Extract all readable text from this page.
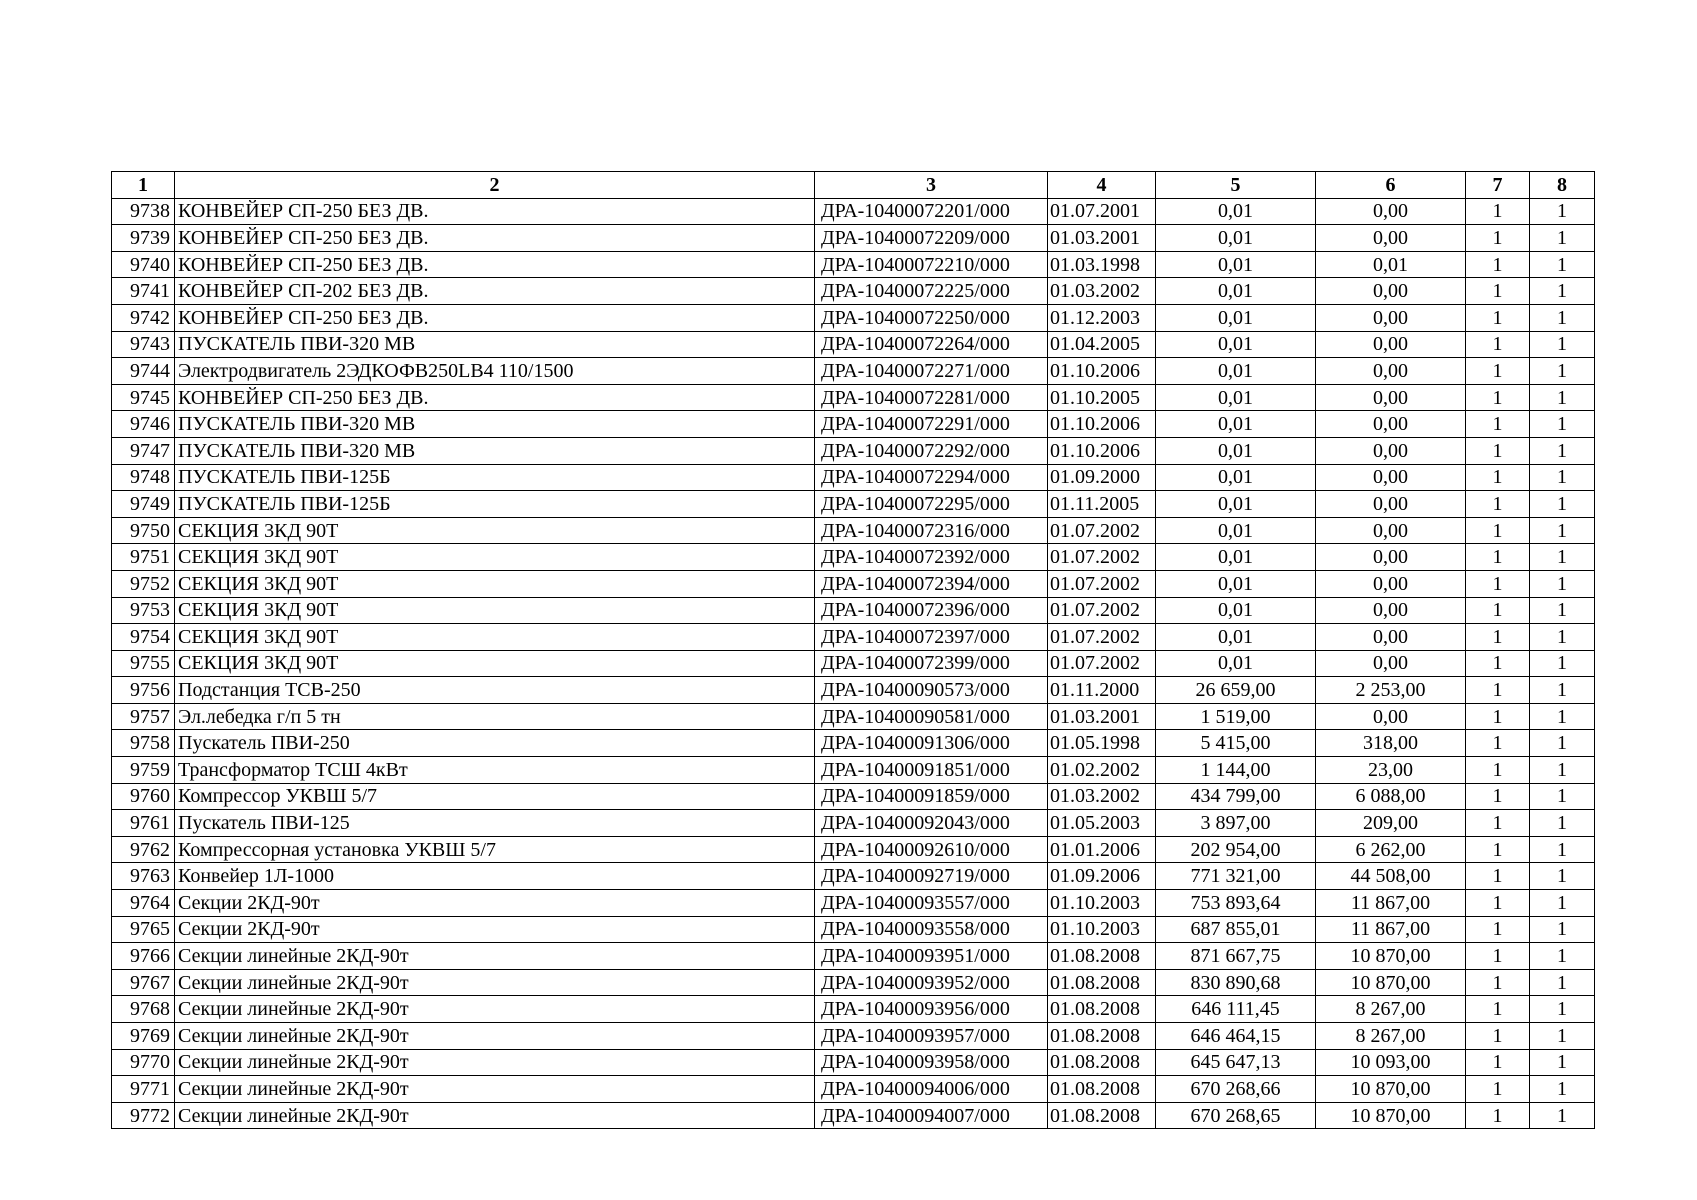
1	2	3	4	5	6	7	8
9738	КОНВЕЙЕР СП-250 БЕЗ ДВ.	ДРА-10400072201/000	01.07.2001	0,01	0,00	1	1
9739	КОНВЕЙЕР СП-250 БЕЗ ДВ.	ДРА-10400072209/000	01.03.2001	0,01	0,00	1	1
9740	КОНВЕЙЕР СП-250 БЕЗ ДВ.	ДРА-10400072210/000	01.03.1998	0,01	0,01	1	1
9741	КОНВЕЙЕР СП-202 БЕЗ ДВ.	ДРА-10400072225/000	01.03.2002	0,01	0,00	1	1
9742	КОНВЕЙЕР СП-250 БЕЗ ДВ.	ДРА-10400072250/000	01.12.2003	0,01	0,00	1	1
9743	ПУСКАТЕЛЬ ПВИ-320 МВ	ДРА-10400072264/000	01.04.2005	0,01	0,00	1	1
9744	Электродвигатель 2ЭДКОФВ250LB4 110/1500	ДРА-10400072271/000	01.10.2006	0,01	0,00	1	1
9745	КОНВЕЙЕР СП-250 БЕЗ ДВ.	ДРА-10400072281/000	01.10.2005	0,01	0,00	1	1
9746	ПУСКАТЕЛЬ ПВИ-320 МВ	ДРА-10400072291/000	01.10.2006	0,01	0,00	1	1
9747	ПУСКАТЕЛЬ ПВИ-320 МВ	ДРА-10400072292/000	01.10.2006	0,01	0,00	1	1
9748	ПУСКАТЕЛЬ ПВИ-125Б	ДРА-10400072294/000	01.09.2000	0,01	0,00	1	1
9749	ПУСКАТЕЛЬ ПВИ-125Б	ДРА-10400072295/000	01.11.2005	0,01	0,00	1	1
9750	СЕКЦИЯ 3КД 90Т	ДРА-10400072316/000	01.07.2002	0,01	0,00	1	1
9751	СЕКЦИЯ 3КД 90Т	ДРА-10400072392/000	01.07.2002	0,01	0,00	1	1
9752	СЕКЦИЯ 3КД 90Т	ДРА-10400072394/000	01.07.2002	0,01	0,00	1	1
9753	СЕКЦИЯ 3КД 90Т	ДРА-10400072396/000	01.07.2002	0,01	0,00	1	1
9754	СЕКЦИЯ 3КД 90Т	ДРА-10400072397/000	01.07.2002	0,01	0,00	1	1
9755	СЕКЦИЯ 3КД 90Т	ДРА-10400072399/000	01.07.2002	0,01	0,00	1	1
9756	Подстанция ТСВ-250	ДРА-10400090573/000	01.11.2000	26 659,00	2 253,00	1	1
9757	Эл.лебедка г/п 5 тн	ДРА-10400090581/000	01.03.2001	1 519,00	0,00	1	1
9758	Пускатель ПВИ-250	ДРА-10400091306/000	01.05.1998	5 415,00	318,00	1	1
9759	Трансформатор ТСШ 4кВт	ДРА-10400091851/000	01.02.2002	1 144,00	23,00	1	1
9760	Компрессор УКВШ 5/7	ДРА-10400091859/000	01.03.2002	434 799,00	6 088,00	1	1
9761	Пускатель ПВИ-125	ДРА-10400092043/000	01.05.2003	3 897,00	209,00	1	1
9762	Компрессорная установка УКВШ 5/7	ДРА-10400092610/000	01.01.2006	202 954,00	6 262,00	1	1
9763	Конвейер 1Л-1000	ДРА-10400092719/000	01.09.2006	771 321,00	44 508,00	1	1
9764	Секции 2КД-90т	ДРА-10400093557/000	01.10.2003	753 893,64	11 867,00	1	1
9765	Секции 2КД-90т	ДРА-10400093558/000	01.10.2003	687 855,01	11 867,00	1	1
9766	Секции линейные 2КД-90т	ДРА-10400093951/000	01.08.2008	871 667,75	10 870,00	1	1
9767	Секции линейные 2КД-90т	ДРА-10400093952/000	01.08.2008	830 890,68	10 870,00	1	1
9768	Секции линейные 2КД-90т	ДРА-10400093956/000	01.08.2008	646 111,45	8 267,00	1	1
9769	Секции линейные 2КД-90т	ДРА-10400093957/000	01.08.2008	646 464,15	8 267,00	1	1
9770	Секции линейные 2КД-90т	ДРА-10400093958/000	01.08.2008	645 647,13	10 093,00	1	1
9771	Секции линейные 2КД-90т	ДРА-10400094006/000	01.08.2008	670 268,66	10 870,00	1	1
9772	Секции линейные 2КД-90т	ДРА-10400094007/000	01.08.2008	670 268,65	10 870,00	1	1
